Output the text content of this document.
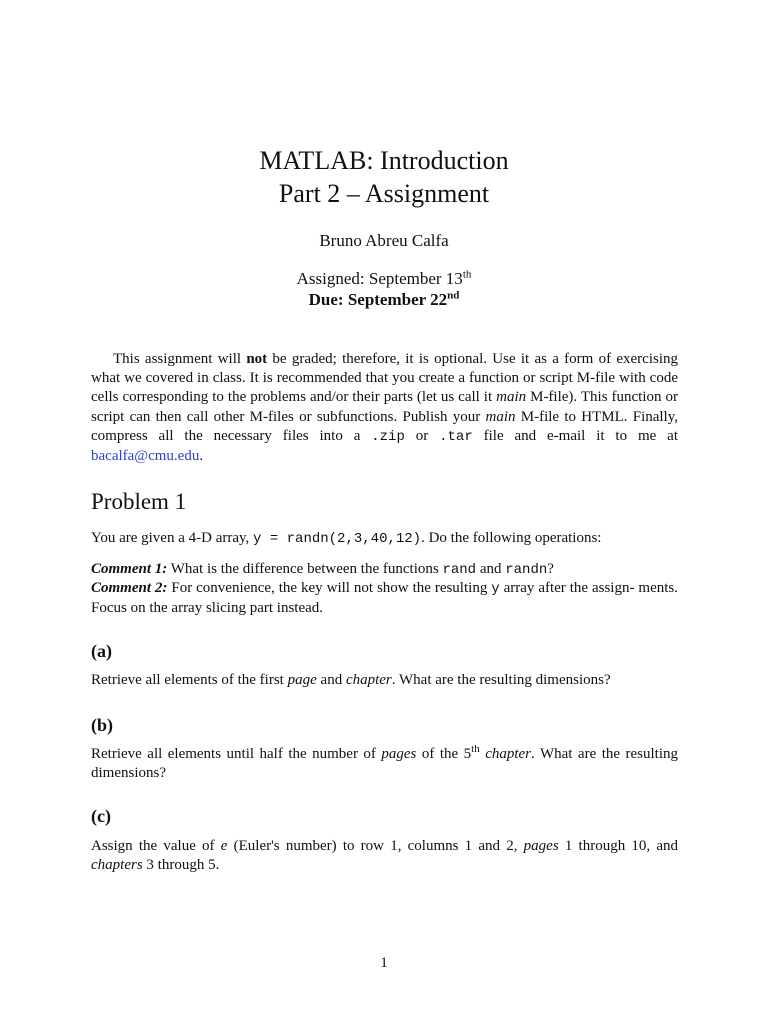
MATLAB: Introduction
Part 2 – Assignment
Bruno Abreu Calfa
Assigned: September 13th
Due: September 22nd
This assignment will not be graded; therefore, it is optional. Use it as a form of exercising what we covered in class. It is recommended that you create a function or script M-file with code cells corresponding to the problems and/or their parts (let us call it main M-file). This function or script can then call other M-files or subfunctions. Publish your main M-file to HTML. Finally, compress all the necessary files into a .zip or .tar file and e-mail it to me at bacalfa@cmu.edu.
Problem 1
You are given a 4-D array, y = randn(2,3,40,12). Do the following operations:
Comment 1: What is the difference between the functions rand and randn?
Comment 2: For convenience, the key will not show the resulting y array after the assign- ments. Focus on the array slicing part instead.
(a)
Retrieve all elements of the first page and chapter. What are the resulting dimensions?
(b)
Retrieve all elements until half the number of pages of the 5th chapter. What are the resulting dimensions?
(c)
Assign the value of e (Euler's number) to row 1, columns 1 and 2, pages 1 through 10, and chapters 3 through 5.
1
